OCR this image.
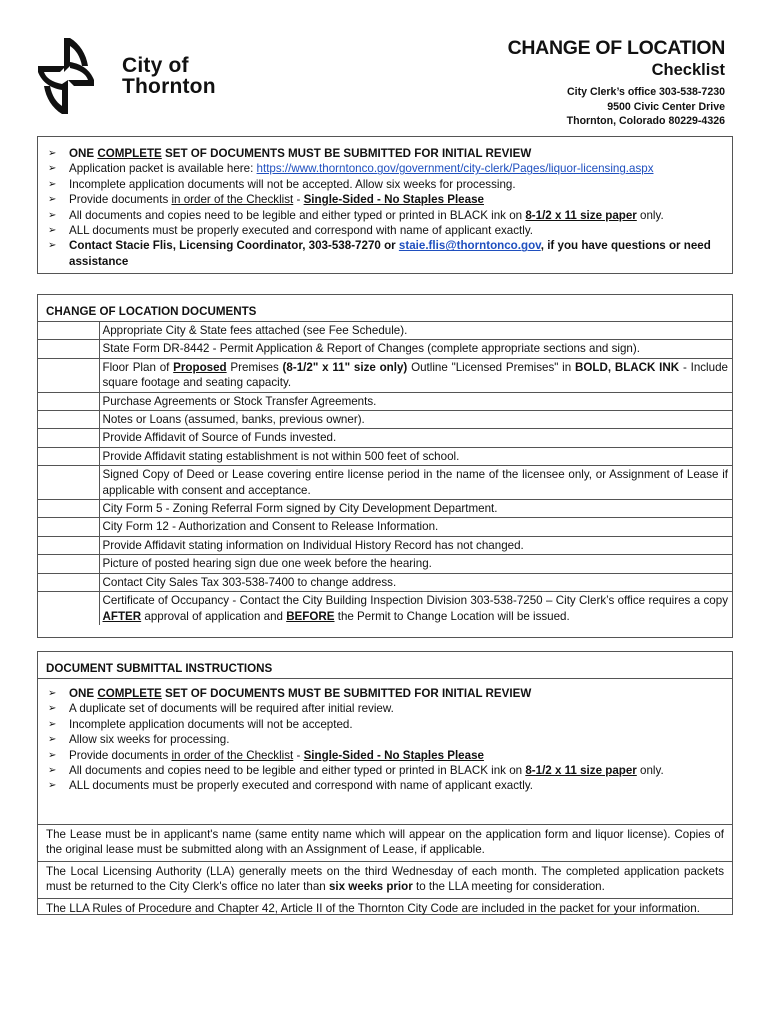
City of
Thornton
CHANGE OF LOCATION
Checklist
City Clerk’s office 303-538-7230
9500 Civic Center Drive
Thornton, Colorado 80229-4326
➢ ONE COMPLETE SET OF DOCUMENTS MUST BE SUBMITTED FOR INITIAL REVIEW
➢ Application packet is available here: https://www.thorntonco.gov/government/city-clerk/Pages/liquor-licensing.aspx
➢ Incomplete application documents will not be accepted. Allow six weeks for processing.
➢ Provide documents in order of the Checklist - Single-Sided - No Staples Please
➢ All documents and copies need to be legible and either typed or printed in BLACK ink on 8-1/2 x 11 size paper only.
➢ ALL documents must be properly executed and correspond with name of applicant exactly.
➢ Contact Stacie Flis, Licensing Coordinator, 303-538-7270 or staie.flis@thorntonco.gov, if you have questions or need assistance
CHANGE OF LOCATION DOCUMENTS
	Appropriate City & State fees attached (see Fee Schedule).
	State Form DR-8442 - Permit Application & Report of Changes (complete appropriate sections and sign).
	Floor Plan of Proposed Premises (8-1/2" x 11" size only) Outline "Licensed Premises" in BOLD, BLACK INK - Include square footage and seating capacity.
	Purchase Agreements or Stock Transfer Agreements.
	Notes or Loans (assumed, banks, previous owner).
	Provide Affidavit of Source of Funds invested.
	Provide Affidavit stating establishment is not within 500 feet of school.
	Signed Copy of Deed or Lease covering entire license period in the name of the licensee only, or Assignment of Lease if applicable with consent and acceptance.
	City Form 5 - Zoning Referral Form signed by City Development Department.
	City Form 12 - Authorization and Consent to Release Information.
	Provide Affidavit stating information on Individual History Record has not changed.
	Picture of posted hearing sign due one week before the hearing.
	Contact City Sales Tax 303-538-7400 to change address.
	Certificate of Occupancy - Contact the City Building Inspection Division 303-538-7250 – City Clerk’s office requires a copy AFTER approval of application and BEFORE the Permit to Change Location will be issued.
DOCUMENT SUBMITTAL INSTRUCTIONS
➢ ONE COMPLETE SET OF DOCUMENTS MUST BE SUBMITTED FOR INITIAL REVIEW
➢ A duplicate set of documents will be required after initial review.
➢ Incomplete application documents will not be accepted.
➢ Allow six weeks for processing.
➢ Provide documents in order of the Checklist - Single-Sided - No Staples Please
➢ All documents and copies need to be legible and either typed or printed in BLACK ink on 8-1/2 x 11 size paper only.
➢ ALL documents must be properly executed and correspond with name of applicant exactly.
The Lease must be in applicant's name (same entity name which will appear on the application form and liquor license). Copies of the original lease must be submitted along with an Assignment of Lease, if applicable.
The Local Licensing Authority (LLA) generally meets on the third Wednesday of each month. The completed application packets must be returned to the City Clerk's office no later than six weeks prior to the LLA meeting for consideration.
The LLA Rules of Procedure and Chapter 42, Article II of the Thornton City Code are included in the packet for your information.
